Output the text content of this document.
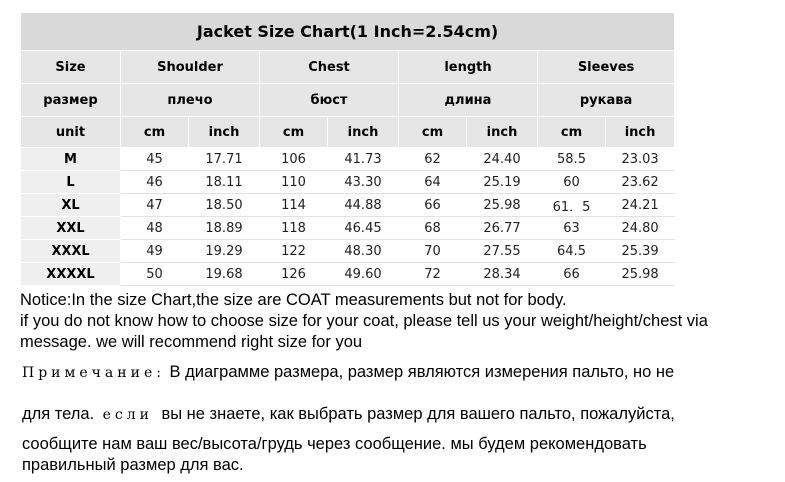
Jacket Size Chart(1 Inch=2.54cm)								
Size	Shoulder		Chest		length		Sleeves	
размер	плечо		бюст		длина		рукава	
unit	cm	inch	cm	inch	cm	inch	cm	inch
M	45	17.71	106	41.73	62	24.40	58.5	23.03
L	46	18.11	110	43.30	64	25.19	60	23.62
XL	47	18.50	114	44.88	66	25.98	61．5	24.21
XXL	48	18.89	118	46.45	68	26.77	63	24.80
XXXL	49	19.29	122	48.30	70	27.55	64.5	25.39
XXXXL	50	19.68	126	49.60	72	28.34	66	25.98
Notice:In the size Chart,the size are COAT measurements but not for body.
if you do not know how to choose size for your coat, please tell us your weight/height/chest via
message. we will recommend right size for you
Примечание: В диаграмме размера, размер являются измерения пальто, но не
для тела. если вы не знаете, как выбрать размер для вашего пальто, пожалуйста,
сообщите нам ваш вес/высота/грудь через сообщение. мы будем рекомендовать
правильный размер для вас.
